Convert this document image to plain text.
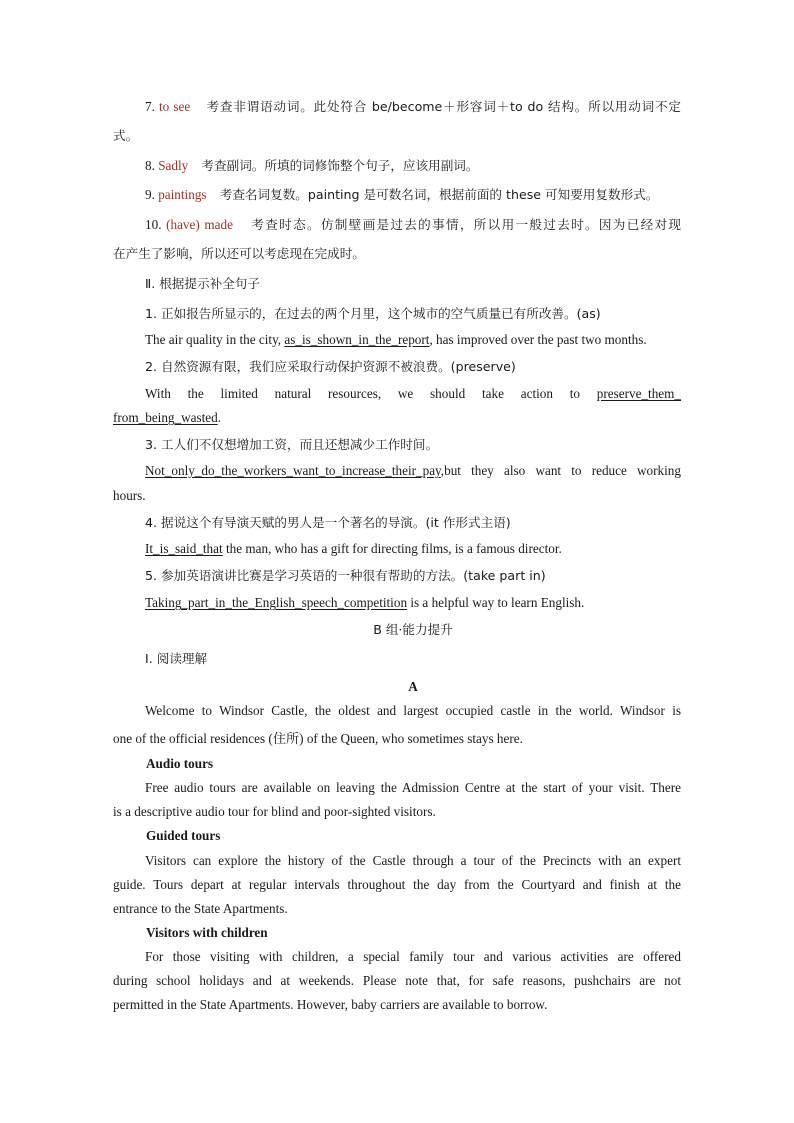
7. to see 考查非谓语动词。此处符合 be/become＋形容词＋to do 结构。所以用动词不定

式。

8. Sadly 考查副词。所填的词修饰整个句子，应该用副词。

9. paintings 考查名词复数。painting 是可数名词，根据前面的 these 可知要用复数形式。

10. (have) made 考查时态。仿制壁画是过去的事情，所以用一般过去时。因为已经对现

在产生了影响，所以还可以考虑现在完成时。

Ⅱ. 根据提示补全句子

1. 正如报告所显示的，在过去的两个月里，这个城市的空气质量已有所改善。(as)

The air quality in the city, as_is_shown_in_the_report, has improved over the past two months.

2. 自然资源有限，我们应采取行动保护资源不被浪费。(preserve)

With the limited natural resources, we should take action to preserve_them_

from_being_wasted.

3. 工人们不仅想增加工资，而且还想减少工作时间。

Not_only_do_the_workers_want_to_increase_their_pay,but they also want to reduce working

hours.

4. 据说这个有导演天赋的男人是一个著名的导演。(it 作形式主语)

It_is_said_that the man, who has a gift for directing films, is a famous director.

5. 参加英语演讲比赛是学习英语的一种很有帮助的方法。(take part in)

Taking_part_in_the_English_speech_competition is a helpful way to learn English.

B 组·能力提升

Ⅰ. 阅读理解

A

Welcome to Windsor Castle, the oldest and largest occupied castle in the world. Windsor is

one of the official residences (住所) of the Queen, who sometimes stays here.

Audio tours

Free audio tours are available on leaving the Admission Centre at the start of your visit. There

is a descriptive audio tour for blind and poor-sighted visitors.

Guided tours

Visitors can explore the history of the Castle through a tour of the Precincts with an expert

guide. Tours depart at regular intervals throughout the day from the Courtyard and finish at the

entrance to the State Apartments.

Visitors with children

For those visiting with children, a special family tour and various activities are offered

during school holidays and at weekends. Please note that, for safe reasons, pushchairs are not

permitted in the State Apartments. However, baby carriers are available to borrow.
